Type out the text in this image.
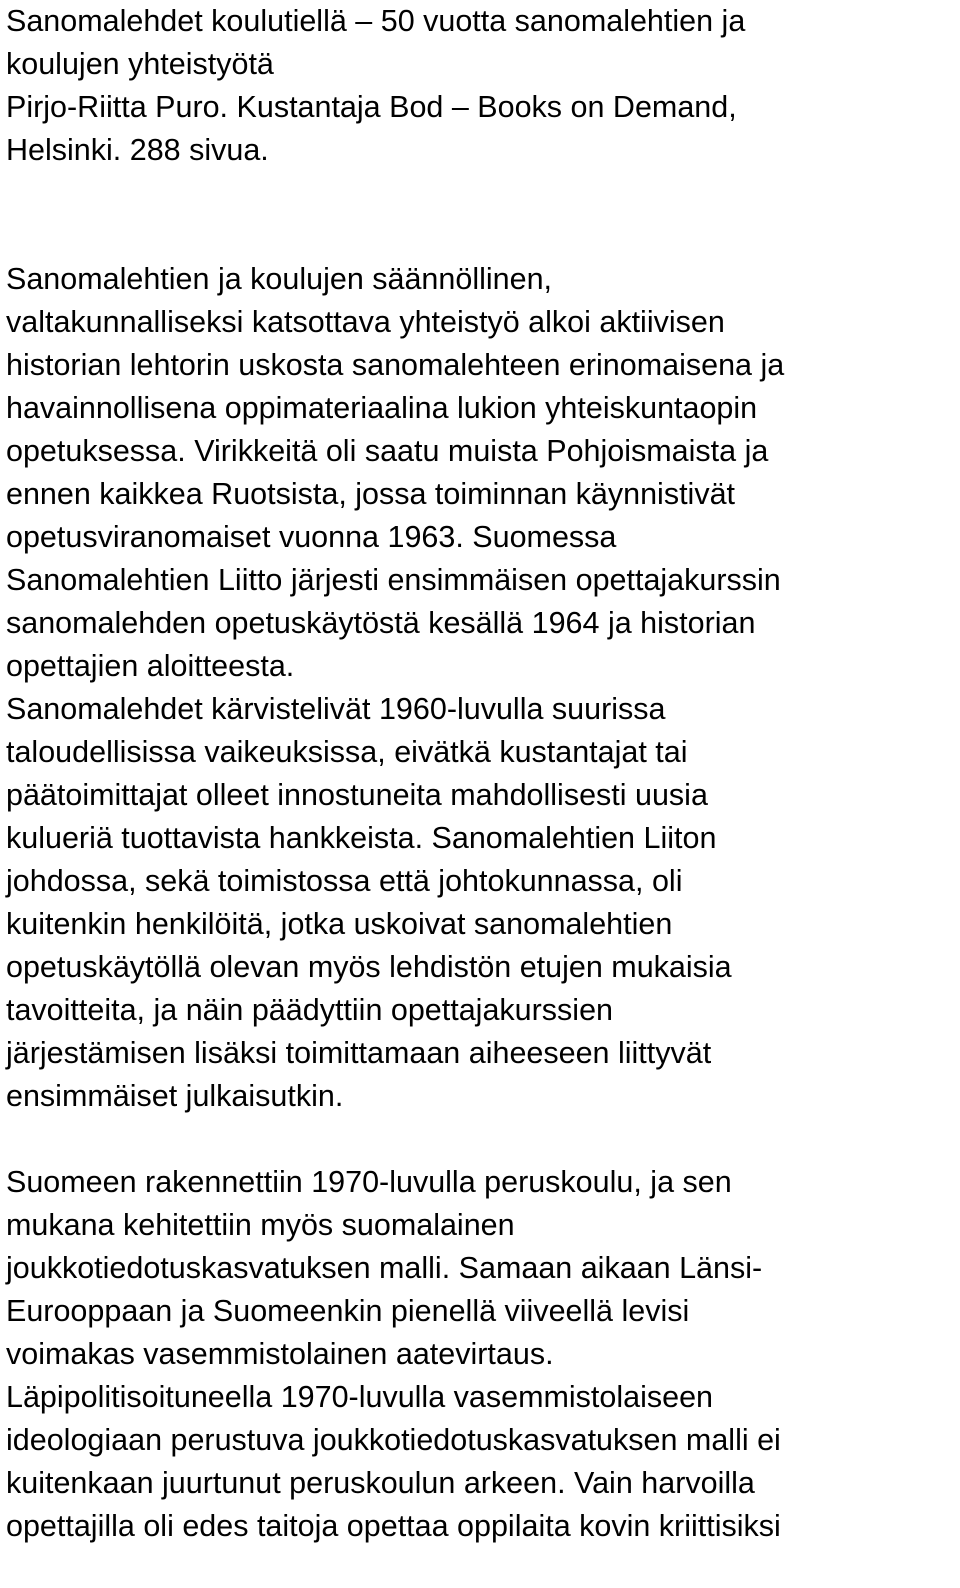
Sanomalehdet koulutiellä – 50 vuotta sanomalehtien ja
koulujen yhteistyötä
Pirjo-Riitta Puro. Kustantaja Bod – Books on Demand,
Helsinki. 288 sivua.
Sanomalehtien ja koulujen säännöllinen,
valtakunnalliseksi katsottava yhteistyö alkoi aktiivisen
historian lehtorin uskosta sanomalehteen erinomaisena ja
havainnollisena oppimateriaalina lukion yhteiskuntaopin
opetuksessa. Virikkeitä oli saatu muista Pohjoismaista ja
ennen kaikkea Ruotsista, jossa toiminnan käynnistivät
opetusviranomaiset vuonna 1963. Suomessa
Sanomalehtien Liitto järjesti ensimmäisen opettajakurssin
sanomalehden opetuskäytöstä kesällä 1964 ja historian
opettajien aloitteesta.
Sanomalehdet kärvistelivät 1960-luvulla suurissa
taloudellisissa vaikeuksissa, eivätkä kustantajat tai
päätoimittajat olleet innostuneita mahdollisesti uusia
kulueriä tuottavista hankkeista. Sanomalehtien Liiton
johdossa, sekä toimistossa että johtokunnassa, oli
kuitenkin henkilöitä, jotka uskoivat sanomalehtien
opetuskäytöllä olevan myös lehdistön etujen mukaisia
tavoitteita, ja näin päädyttiin opettajakurssien
järjestämisen lisäksi toimittamaan aiheeseen liittyvät
ensimmäiset julkaisutkin.
Suomeen rakennettiin 1970-luvulla peruskoulu, ja sen
mukana kehitettiin myös suomalainen
joukkotiedotuskasvatuksen malli. Samaan aikaan Länsi-
Eurooppaan ja Suomeenkin pienellä viiveellä levisi
voimakas vasemmistolainen aatevirtaus.
Läpipolitisoituneella 1970-luvulla vasemmistolaiseen
ideologiaan perustuva joukkotiedotuskasvatuksen malli ei
kuitenkaan juurtunut peruskoulun arkeen. Vain harvoilla
opettajilla oli edes taitoja opettaa oppilaita kovin kriittisiksi
